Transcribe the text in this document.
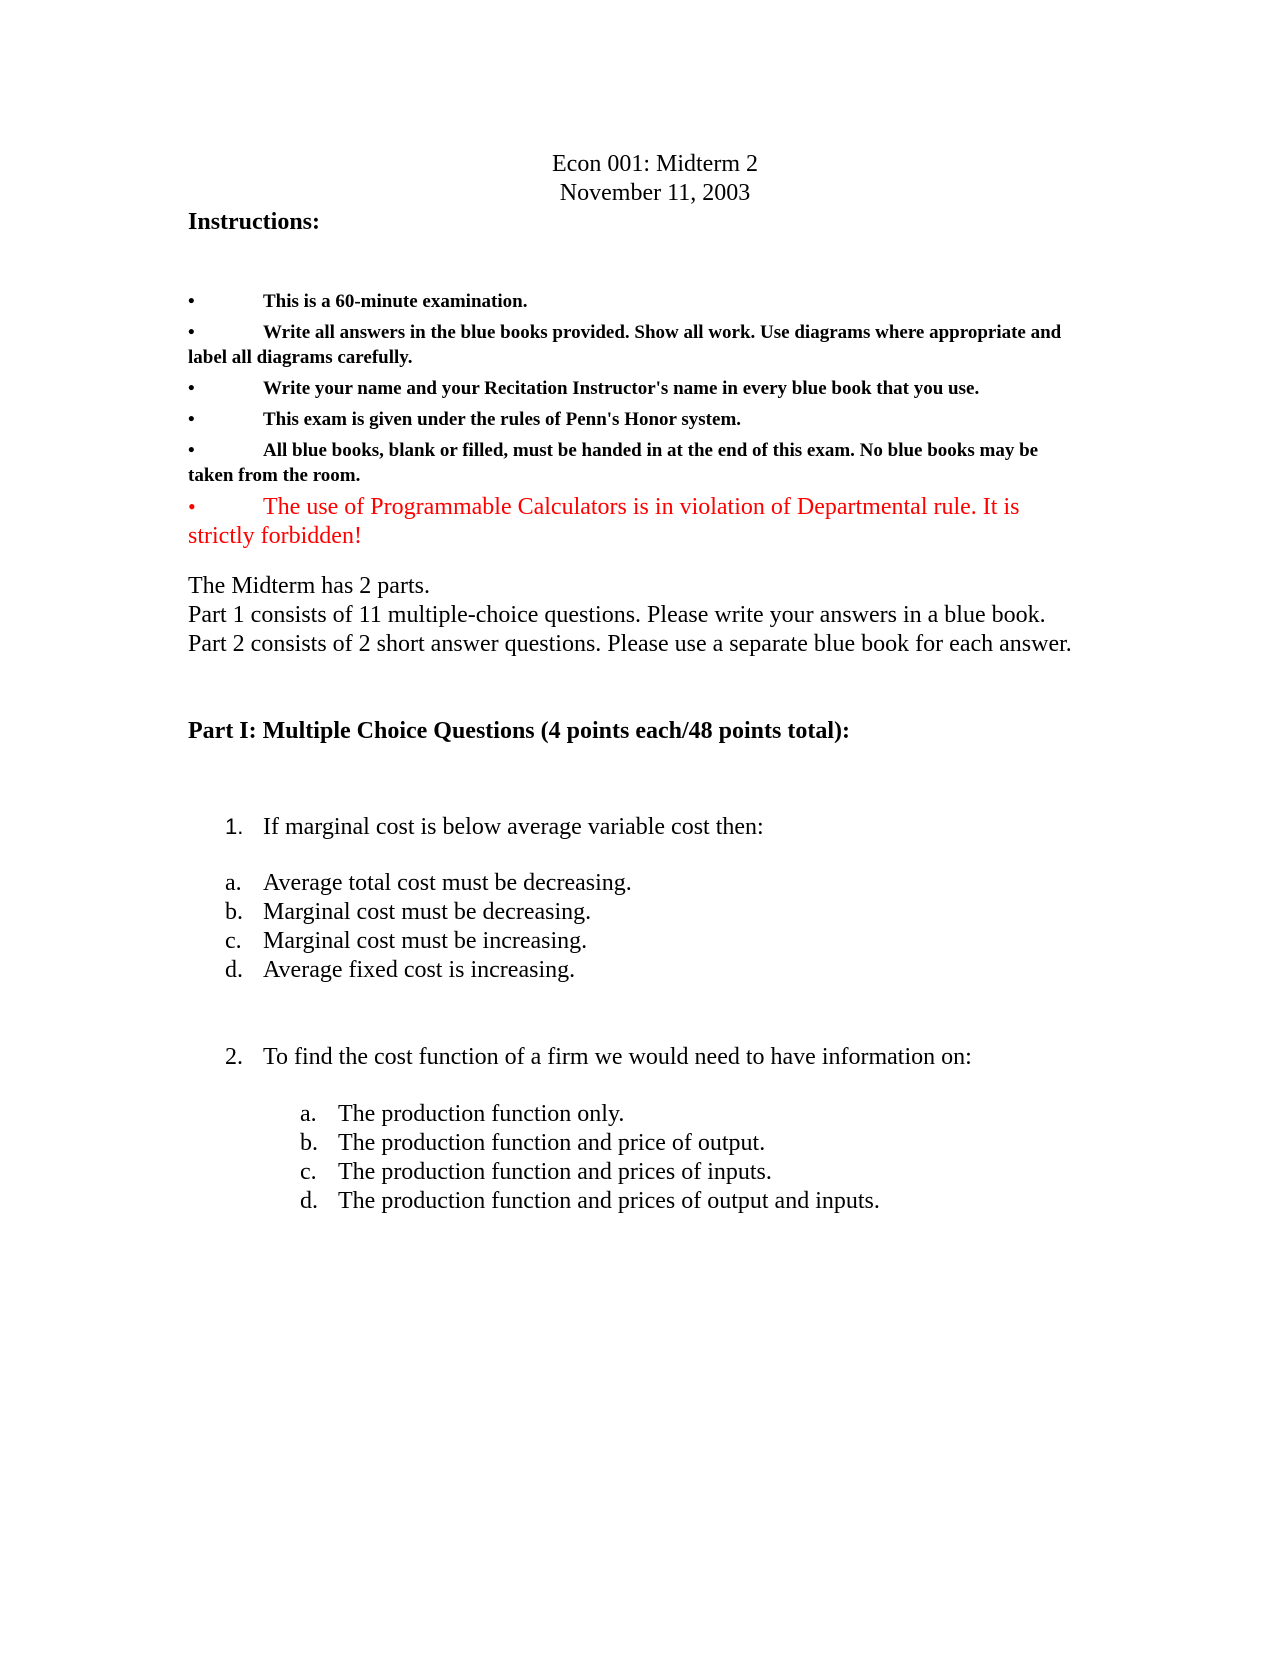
Econ 001: Midterm 2
November 11, 2003
Instructions:
•	This is a 60-minute examination.
•	Write all answers in the blue books provided. Show all work. Use diagrams where appropriate and label all diagrams carefully.
•	Write your name and your Recitation Instructor's name in every blue book that you use.
•	This exam is given under the rules of Penn's Honor system.
•	All blue books, blank or filled, must be handed in at the end of this exam. No blue books may be taken from the room.
•	The use of Programmable Calculators is in violation of Departmental rule. It is strictly forbidden!
The Midterm has 2 parts.
Part 1 consists of 11 multiple-choice questions. Please write your answers in a blue book.
Part 2 consists of 2 short answer questions. Please use a separate blue book for each answer.
Part I: Multiple Choice Questions (4 points each/48 points total):
1. If marginal cost is below average variable cost then:
a. Average total cost must be decreasing.
b. Marginal cost must be decreasing.
c. Marginal cost must be increasing.
d. Average fixed cost is increasing.
2. To find the cost function of a firm we would need to have information on:
a. The production function only.
b. The production function and price of output.
c. The production function and prices of inputs.
d. The production function and prices of output and inputs.
